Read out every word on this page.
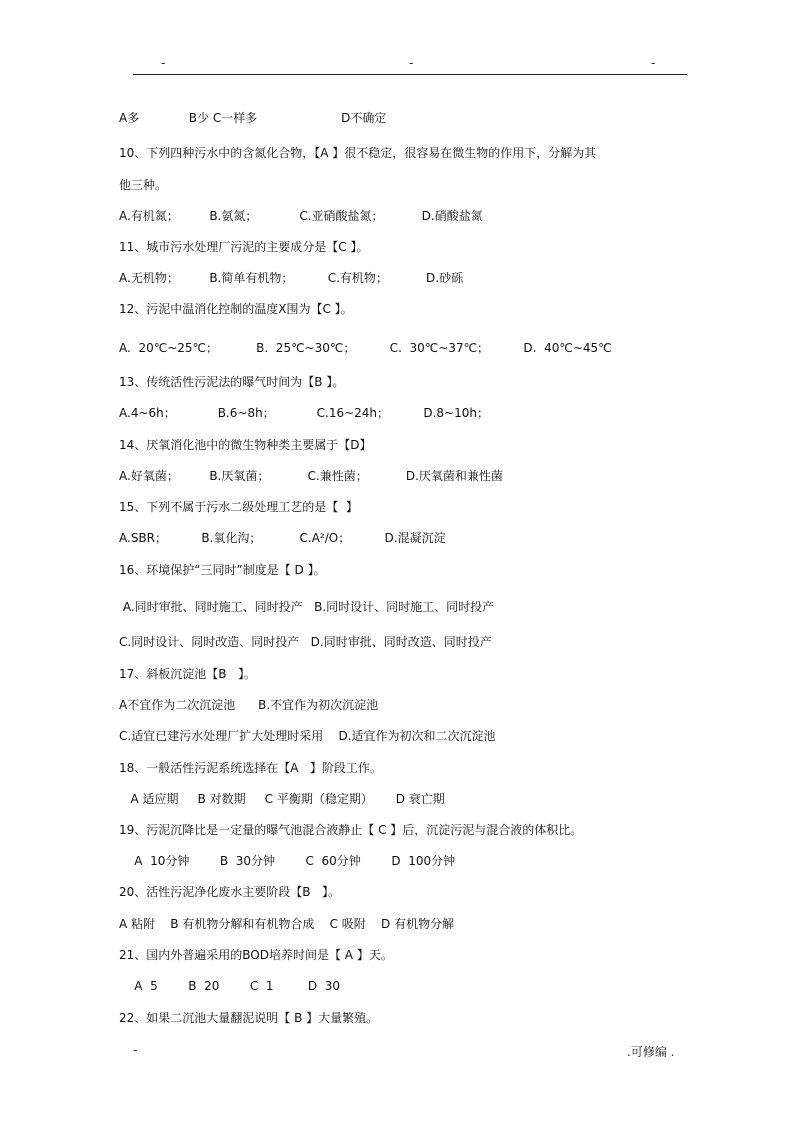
-	-	-
A多             B少 C一样多                      D不确定
10、下列四种污水中的含氮化合物，【A 】很不稳定，很容易在微生物的作用下，分解为其
他三种。
A.有机氮；        B.氨氮；           C.亚硝酸盐氮；          D.硝酸盐氮
11、城市污水处理厂污泥的主要成分是【C 】。
A.无机物；        B.简单有机物；         C.有机物；          D.砂砾
12、污泥中温消化控制的温度X围为【C 】。
A.  20℃~25℃；          B.  25℃~30℃；         C.  30℃~37℃；         D.  40℃~45℃
13、传统活性污泥法的曝气时间为【B 】。
A.4~6h；           B.6~8h；           C.16~24h；         D.8~10h；
14、厌氧消化池中的微生物种类主要属于【D】
A.好氧菌；        B.厌氧菌；          C.兼性菌；          D.厌氧菌和兼性菌
15、下列不属于污水二级处理工艺的是【  】
A.SBR；         B.氧化沟；          C.A²/O；         D.混凝沉淀
16、环境保护“三同时”制度是【 D 】。
A.同时审批、同时施工、同时投产   B.同时设计、同时施工、同时投产
C.同时设计、同时改造、同时投产   D.同时审批、同时改造、同时投产
17、斜板沉淀池【B   】。
A不宜作为二次沉淀池      B.不宜作为初次沉淀池
C.适宜已建污水处理厂扩大处理时采用    D.适宜作为初次和二次沉淀池
18、一般活性污泥系统选择在【A   】阶段工作。
A 适应期     B 对数期     C 平衡期（稳定期）      D 衰亡期
19、污泥沉降比是一定量的曝气池混合液静止【 C 】后，沉淀污泥与混合液的体积比。
A  10分钟        B  30分钟        C  60分钟        D  100分钟
20、活性污泥净化废水主要阶段【B   】。
A 粘附    B 有机物分解和有机物合成    C 吸附    D 有机物分解
21、国内外普遍采用的BOD培养时间是【 A 】天。
A  5        B  20        C  1         D  30
22、如果二沉池大量翻泥说明【 B 】大量繁殖。
-	.可修编 .
